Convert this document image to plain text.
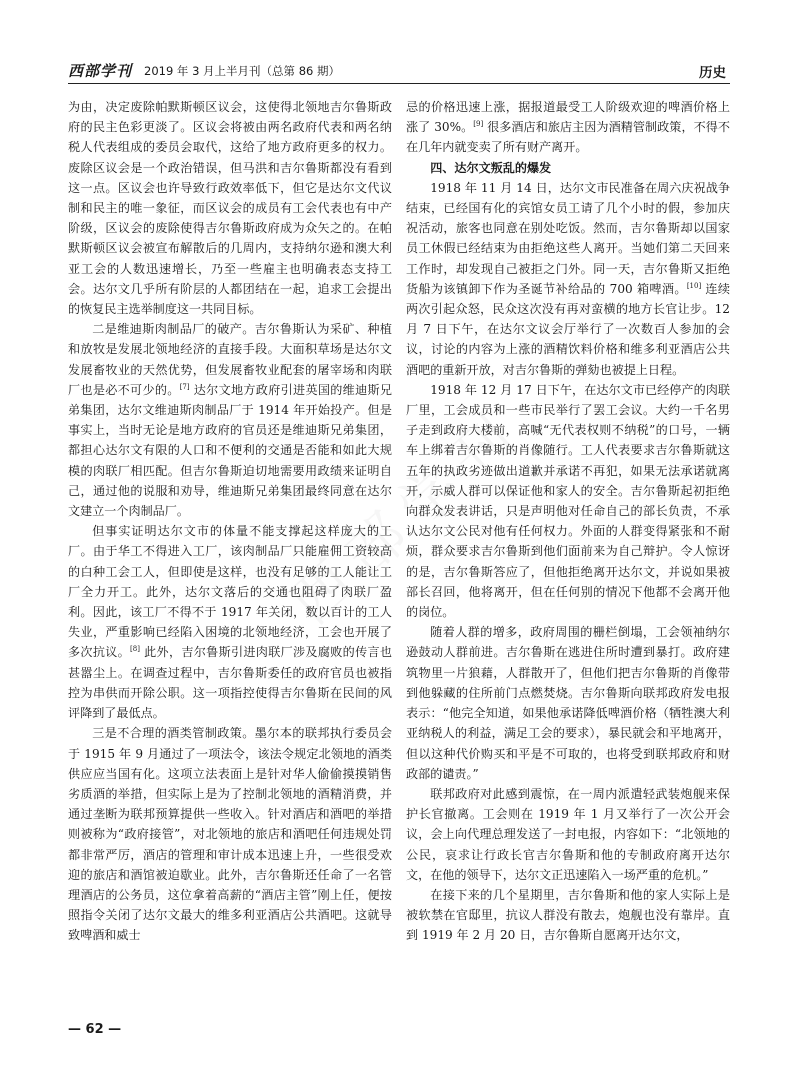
西部学刊 2019 年 3 月上半月刊（总第 86 期）	历史

为由，决定废除帕默斯顿区议会，这使得北领地吉尔鲁斯政府的民主色彩更淡了。区议会将被由两名政府代表和两名纳税人代表组成的委员会取代，这给了地方政府更多的权力。废除区议会是一个政治错误，但马洪和吉尔鲁斯都没有看到这一点。区议会也许导致行政效率低下，但它是达尔文代议制和民主的唯一象征，而区议会的成员有工会代表也有中产阶级，区议会的废除使得吉尔鲁斯政府成为众矢之的。在帕默斯顿区议会被宣布解散后的几周内，支持纳尔逊和澳大利亚工会的人数迅速增长，乃至一些雇主也明确表态支持工会。达尔文几乎所有阶层的人都团结在一起，追求工会提出的恢复民主选举制度这一共同目标。

二是维迪斯肉制品厂的破产。吉尔鲁斯认为采矿、种植和放牧是发展北领地经济的直接手段。大面积草场是达尔文发展畜牧业的天然优势，但发展畜牧业配套的屠宰场和肉联厂也是必不可少的。[7] 达尔文地方政府引进英国的维迪斯兄弟集团，达尔文维迪斯肉制品厂于 1914 年开始投产。但是事实上，当时无论是地方政府的官员还是维迪斯兄弟集团，都担心达尔文有限的人口和不便利的交通是否能和如此大规模的肉联厂相匹配。但吉尔鲁斯迫切地需要用政绩来证明自己，通过他的说服和劝导，维迪斯兄弟集团最终同意在达尔文建立一个肉制品厂。

但事实证明达尔文市的体量不能支撑起这样庞大的工厂。由于华工不得进入工厂，该肉制品厂只能雇佣工资较高的白种工会工人，但即使是这样，也没有足够的工人能让工厂全力开工。此外，达尔文落后的交通也阻碍了肉联厂盈利。因此，该工厂不得不于 1917 年关闭，数以百计的工人失业，严重影响已经陷入困境的北领地经济，工会也开展了多次抗议。[8] 此外，吉尔鲁斯引进肉联厂涉及腐败的传言也甚嚣尘上。在调查过程中，吉尔鲁斯委任的政府官员也被指控为串供而开除公职。这一项指控使得吉尔鲁斯在民间的风评降到了最低点。

三是不合理的酒类管制政策。墨尔本的联邦执行委员会于 1915 年 9 月通过了一项法令，该法令规定北领地的酒类供应应当国有化。这项立法表面上是针对华人偷偷摸摸销售劣质酒的举措，但实际上是为了控制北领地的酒精消费，并通过垄断为联邦预算提供一些收入。针对酒店和酒吧的举措则被称为“政府接管”，对北领地的旅店和酒吧任何违规处罚都非常严厉，酒店的管理和审计成本迅速上升，一些很受欢迎的旅店和酒馆被迫歇业。此外，吉尔鲁斯还任命了一名管理酒店的公务员，这位拿着高薪的“酒店主管”刚上任，便按照指令关闭了达尔文最大的维多利亚酒店公共酒吧。这就导致啤酒和威士

忌的价格迅速上涨，据报道最受工人阶级欢迎的啤酒价格上涨了 30%。[9] 很多酒店和旅店主因为酒精管制政策，不得不在几年内就变卖了所有财产离开。

四、达尔文叛乱的爆发

1918 年 11 月 14 日，达尔文市民准备在周六庆祝战争结束，已经国有化的宾馆女员工请了几个小时的假，参加庆祝活动，旅客也同意在别处吃饭。然而，吉尔鲁斯却以国家员工休假已经结束为由拒绝这些人离开。当她们第二天回来工作时，却发现自己被拒之门外。同一天，吉尔鲁斯又拒绝货船为该镇卸下作为圣诞节补给品的 700 箱啤酒。[10] 连续两次引起众怒，民众这次没有再对蛮横的地方长官让步。12 月 7 日下午，在达尔文议会厅举行了一次数百人参加的会议，讨论的内容为上涨的酒精饮料价格和维多利亚酒店公共酒吧的重新开放，对吉尔鲁斯的弹劾也被提上日程。

1918 年 12 月 17 日下午，在达尔文市已经停产的肉联厂里，工会成员和一些市民举行了罢工会议。大约一千名男子走到政府大楼前，高喊“无代表权则不纳税”的口号，一辆车上绑着吉尔鲁斯的肖像随行。工人代表要求吉尔鲁斯就这五年的执政劣迹做出道歉并承诺不再犯，如果无法承诺就离开，示威人群可以保证他和家人的安全。吉尔鲁斯起初拒绝向群众发表讲话，只是声明他对任命自己的部长负责，不承认达尔文公民对他有任何权力。外面的人群变得紧张和不耐烦，群众要求吉尔鲁斯到他们面前来为自己辩护。令人惊讶的是，吉尔鲁斯答应了，但他拒绝离开达尔文，并说如果被部长召回，他将离开，但在任何别的情况下他都不会离开他的岗位。

随着人群的增多，政府周围的栅栏倒塌，工会领袖纳尔逊鼓动人群前进。吉尔鲁斯在逃进住所时遭到暴打。政府建筑物里一片狼藉，人群散开了，但他们把吉尔鲁斯的肖像带到他躲藏的住所前门点燃焚烧。吉尔鲁斯向联邦政府发电报表示：“他完全知道，如果他承诺降低啤酒价格（牺牲澳大利亚纳税人的利益，满足工会的要求），暴民就会和平地离开，但以这种代价购买和平是不可取的，也将受到联邦政府和财政部的谴责。”

联邦政府对此感到震惊，在一周内派遣轻武装炮舰来保护长官撤离。工会则在 1919 年 1 月又举行了一次公开会议，会上向代理总理发送了一封电报，内容如下：“北领地的公民，哀求让行政长官吉尔鲁斯和他的专制政府离开达尔文，在他的领导下，达尔文正迅速陷入一场严重的危机。”

在接下来的几个星期里，吉尔鲁斯和他的家人实际上是被软禁在官邸里，抗议人群没有散去，炮舰也没有靠岸。直到 1919 年 2 月 20 日，吉尔鲁斯自愿离开达尔文，

— 62 —
